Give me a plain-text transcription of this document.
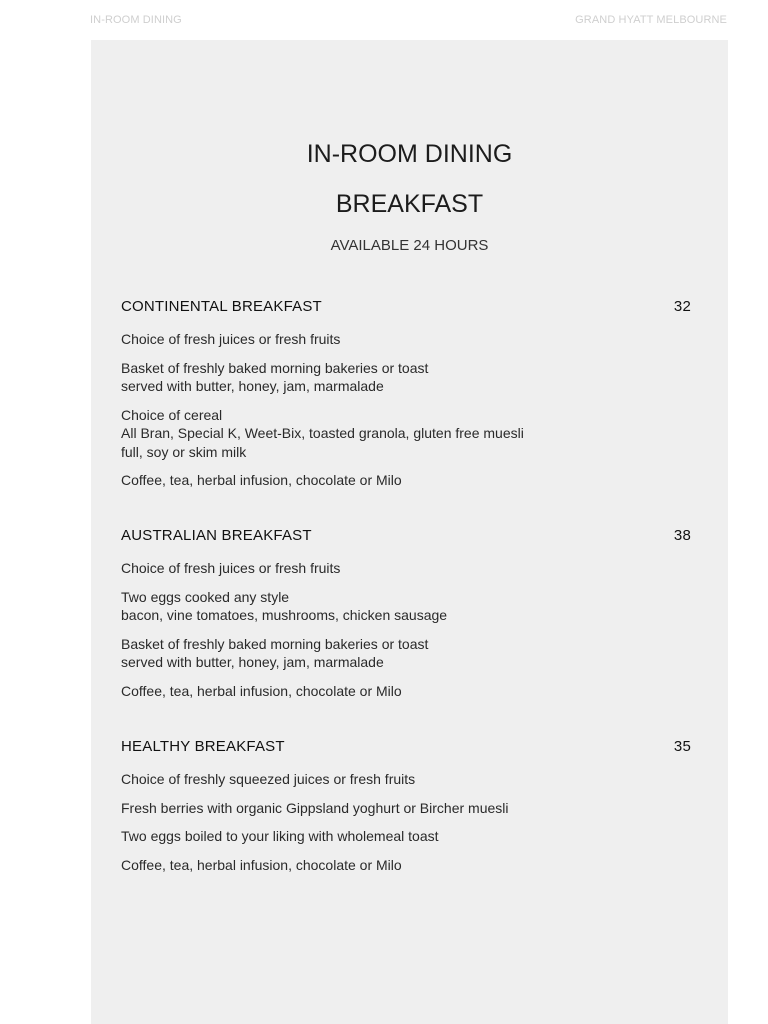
IN-ROOM DINING	GRAND HYATT MELBOURNE
IN-ROOM DINING
BREAKFAST
AVAILABLE 24 HOURS
CONTINENTAL BREAKFAST	32
Choice of fresh juices or fresh fruits
Basket of freshly baked morning bakeries or toast
served with butter, honey, jam, marmalade
Choice of cereal
All Bran, Special K, Weet-Bix, toasted granola, gluten free muesli
full, soy or skim milk
Coffee, tea, herbal infusion, chocolate or Milo
AUSTRALIAN BREAKFAST	38
Choice of fresh juices or fresh fruits
Two eggs cooked any style
bacon, vine tomatoes, mushrooms, chicken sausage
Basket of freshly baked morning bakeries or toast
served with butter, honey, jam, marmalade
Coffee, tea, herbal infusion, chocolate or Milo
HEALTHY BREAKFAST	35
Choice of freshly squeezed juices or fresh fruits
Fresh berries with organic Gippsland yoghurt or Bircher muesli
Two eggs boiled to your liking with wholemeal toast
Coffee, tea, herbal infusion, chocolate or Milo
